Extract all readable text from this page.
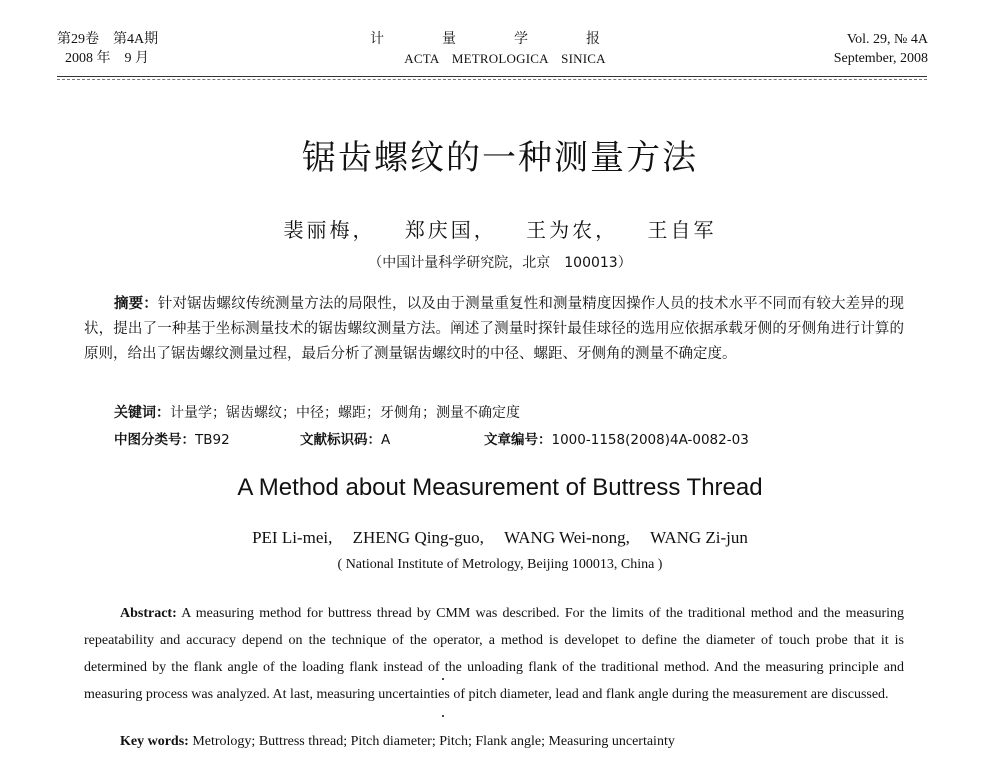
第29卷　第4A期
2008 年　9 月
计	量	学	报
ACTA　METROLOGICA　SINICA
Vol. 29, № 4A
September, 2008
锯齿螺纹的一种测量方法
裴丽梅， 郑庆国， 王为农， 王自军
（中国计量科学研究院，北京　100013）
摘要：针对锯齿螺纹传统测量方法的局限性，以及由于测量重复性和测量精度因操作人员的技术水平不同而有较大差异的现状，提出了一种基于坐标测量技术的锯齿螺纹测量方法。阐述了测量时探针最佳球径的选用应依据承载牙侧的牙侧角进行计算的原则，给出了锯齿螺纹测量过程，最后分析了测量锯齿螺纹时的中径、螺距、牙侧角的测量不确定度。
关键词：计量学；锯齿螺纹；中径；螺距；牙侧角；测量不确定度
中图分类号：TB92	文献标识码：A	文章编号：1000-1158(2008)4A-0082-03
A Method about Measurement of Buttress Thread
PEI Li-mei, ZHENG Qing-guo, WANG Wei-nong, WANG Zi-jun
( National Institute of Metrology, Beijing 100013, China )
Abstract: A measuring method for buttress thread by CMM was described. For the limits of the traditional method and the measuring repeatability and accuracy depend on the technique of the operator, a method is developet to define the diameter of touch probe that it is determined by the flank angle of the loading flank instead of the unloading flank of the traditional method. And the measuring principle and measuring process was analyzed. At last, measuring uncertainties of pitch diameter, lead and flank angle during the measurement are discussed.
Key words: Metrology; Buttress thread; Pitch diameter; Pitch; Flank angle; Measuring uncertainty
